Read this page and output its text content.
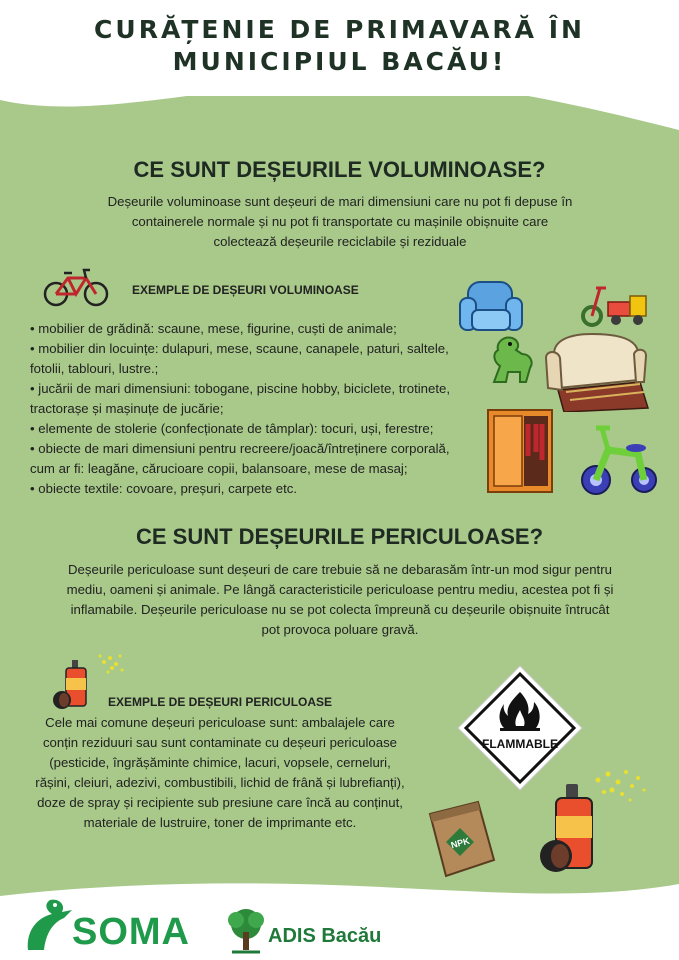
CURĂȚENIE DE PRIMAVARĂ ÎN
MUNICIPIUL BACĂU!
CE SUNT DEȘEURILE VOLUMINOASE?
Deșeurile voluminoase sunt deșeuri de mari dimensiuni care nu pot fi depuse în containerele normale și nu pot fi transportate cu mașinile obișnuite care colectează deșeurile reciclabile și reziduale
EXEMPLE DE DEȘEURI VOLUMINOASE
• mobilier de grădină: scaune, mese, figurine, cuști de animale;
• mobilier din locuințe: dulapuri, mese, scaune, canapele, paturi, saltele, fotolii, tablouri, lustre.;
• jucării de mari dimensiuni: tobogane, piscine hobby, biciclete, trotinete, tractorașe și mașinuțe de jucărie;
• elemente de stolerie (confecționate de tâmplar): tocuri, uși, ferestre;
• obiecte de mari dimensiuni pentru recreere/joacă/întreținere corporală, cum ar fi: leagăne, cărucioare copii, balansoare, mese de masaj;
• obiecte textile: covoare, preșuri, carpete etc.
CE SUNT DEȘEURILE PERICULOASE?
Deșeurile periculoase sunt deșeuri de care trebuie să ne debarasăm într-un mod sigur pentru mediu, oameni și animale. Pe lângă caracteristicile periculoase pentru mediu, acestea pot fi și inflamabile. Deșeurile periculoase nu se pot colecta împreună cu deșeurile obișnuite întrucât pot provoca poluare gravă.
EXEMPLE DE DEȘEURI PERICULOASE
Cele mai comune deșeuri periculoase sunt: ambalajele care conțin reziduuri sau sunt contaminate cu deșeuri periculoase (pesticide, îngrășăminte chimice, lacuri, vopsele, cerneluri, rășini, cleiuri, adezivi, combustibili, lichid de frână și lubrefianți), doze de spray și recipiente sub presiune care încă au conținut, materiale de lustruire, toner de imprimante etc.
FLAMMABLE
NPK
SOMA	ADIS Bacău
